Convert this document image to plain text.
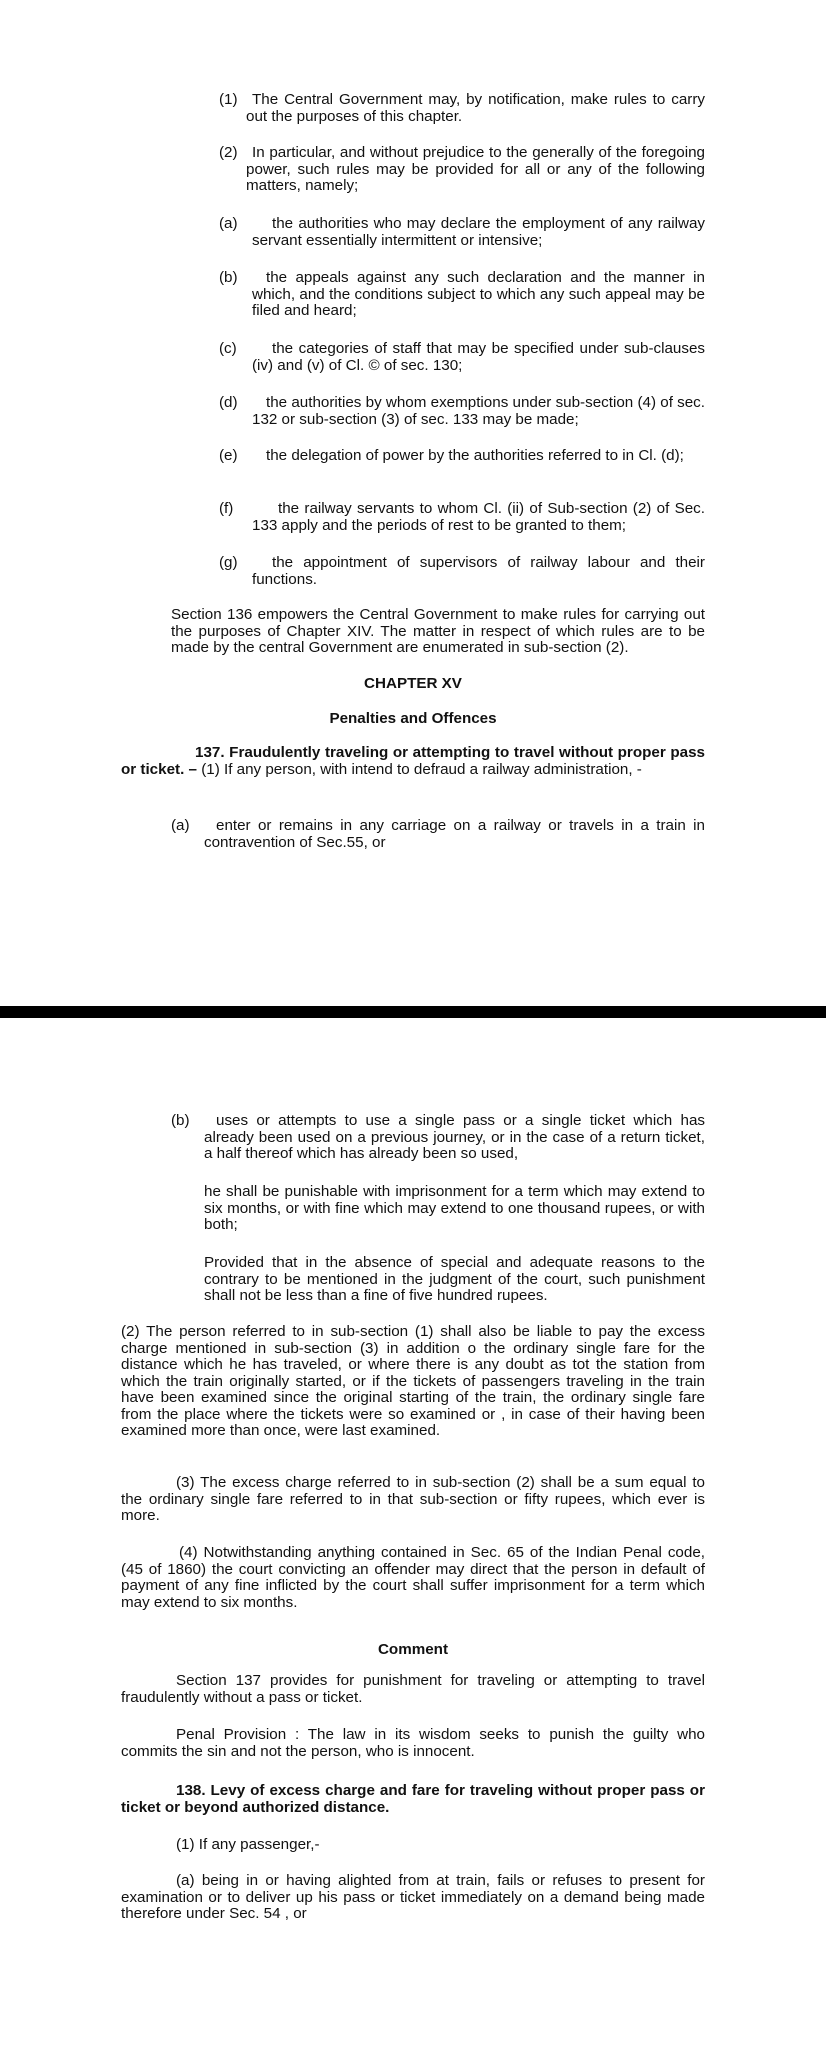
(1) The Central Government may, by notification, make rules to carry out the purposes of this chapter.
(2) In particular, and without prejudice to the generally of the foregoing power, such rules may be provided for all or any of the following matters, namely;
(a)	the authorities who may declare the employment of any railway servant essentially intermittent or intensive;
(b)	the appeals against any such declaration and the manner in which, and the conditions subject to which any such appeal may be filed and heard;
(c)	the categories of staff that may be specified under sub-clauses (iv) and (v) of Cl. © of sec. 130;
(d)	the authorities by whom exemptions under sub-section (4) of sec. 132 or sub-section (3) of sec. 133 may be made;
(e)	the delegation of power by the authorities referred to in Cl. (d);
(f)	the railway servants to whom Cl. (ii) of Sub-section (2) of Sec. 133 apply and the periods of rest to be granted to them;
(g)	the appointment of supervisors of railway labour and their functions.

Section 136 empowers the Central Government to make rules for carrying out the purposes of Chapter XIV. The matter in respect of which rules are to be made by the central Government are enumerated in sub-section (2).

CHAPTER XV
Penalties and Offences

137. Fraudulently traveling or attempting to travel without proper pass or ticket. – (1) If any person, with intend to defraud a railway administration, -

(a)	enter or remains in any carriage on a railway or travels in a train in contravention of Sec.55, or
(b)	uses or attempts to use a single pass or a single ticket which has already been used on a previous journey, or in the case of a return ticket, a half thereof which has already been so used,

he shall be punishable with imprisonment for a term which may extend to six months, or with fine which may extend to one thousand rupees, or with both;

Provided that in the absence of special and adequate reasons to the contrary to be mentioned in the judgment of the court, such punishment shall not be less than a fine of five hundred rupees.

(2) The person referred to in sub-section (1) shall also be liable to pay the excess charge mentioned in sub-section (3) in addition o the ordinary single fare for the distance which he has traveled, or where there is any doubt as tot the station from which the train originally started, or if the tickets of passengers traveling in the train have been examined since the original starting of the train, the ordinary single fare from the place where the tickets were so examined or , in case of their having been examined more than once, were last examined.

(3) The excess charge referred to in sub-section (2) shall be a sum equal to the ordinary single fare referred to in that sub-section or fifty rupees, which ever is more.

(4) Notwithstanding anything contained in Sec. 65 of the Indian Penal code, (45 of 1860) the court convicting an offender may direct that the person in default of payment of any fine inflicted by the court shall suffer imprisonment for a term which may extend to six months.

Comment

Section 137 provides for punishment for traveling or attempting to travel fraudulently without a pass or ticket.

Penal Provision : The law in its wisdom seeks to punish the guilty who commits the sin and not the person, who is innocent.

138. Levy of excess charge and fare for traveling without proper pass or ticket or beyond authorized distance.

(1) If any passenger,-

(a) being in or having alighted from at train, fails or refuses to present for examination or to deliver up his pass or ticket immediately on a demand being made therefore under Sec. 54 , or
